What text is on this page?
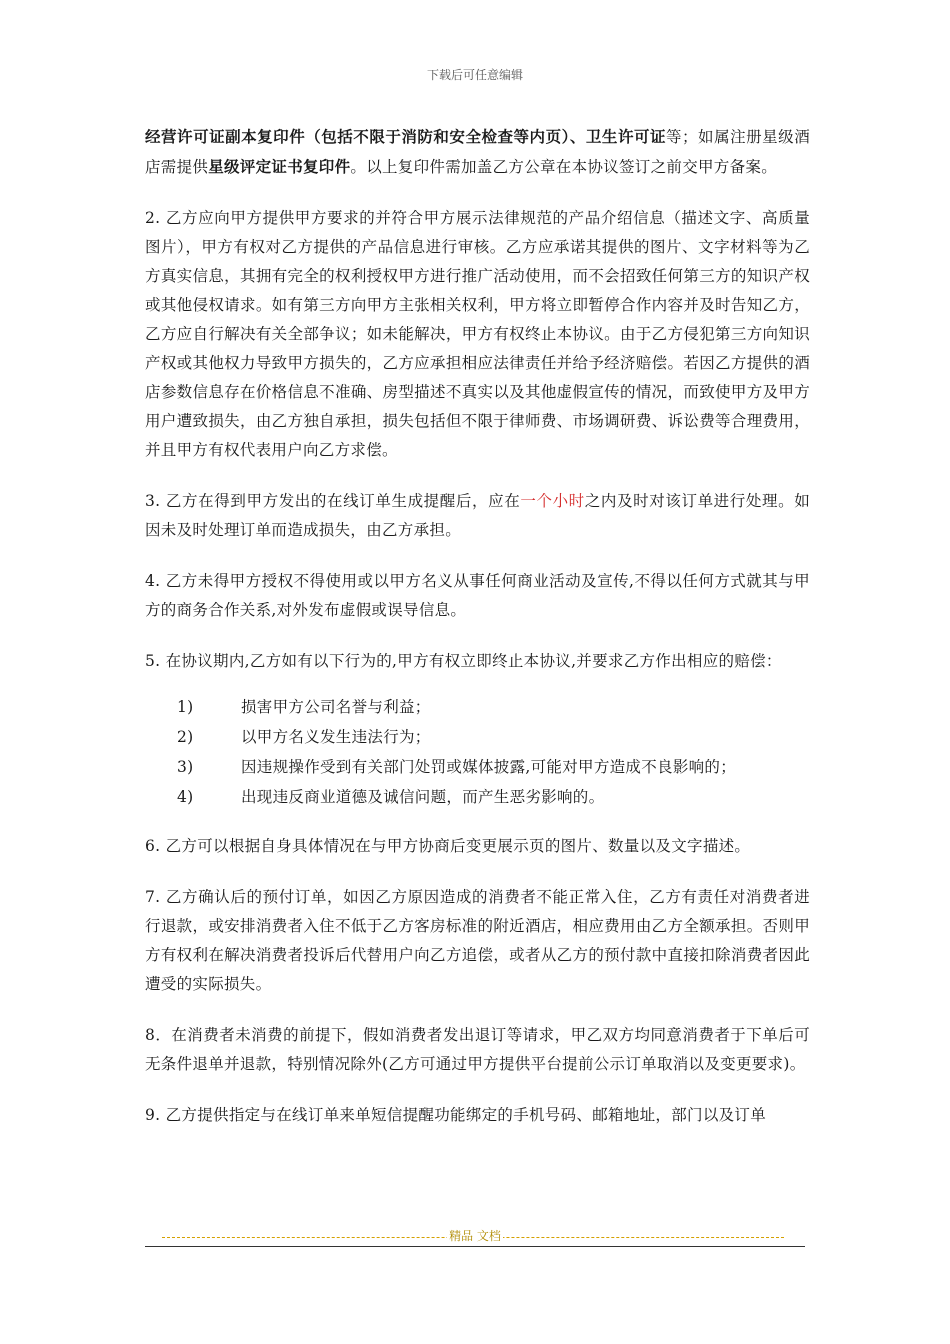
下载后可任意编辑

经营许可证副本复印件（包括不限于消防和安全检查等内页）、卫生许可证等；如属注册星级酒店需提供星级评定证书复印件。以上复印件需加盖乙方公章在本协议签订之前交甲方备案。

2. 乙方应向甲方提供甲方要求的并符合甲方展示法律规范的产品介绍信息（描述文字、高质量图片），甲方有权对乙方提供的产品信息进行审核。乙方应承诺其提供的图片、文字材料等为乙方真实信息，其拥有完全的权利授权甲方进行推广活动使用，而不会招致任何第三方的知识产权或其他侵权请求。如有第三方向甲方主张相关权利，甲方将立即暂停合作内容并及时告知乙方，乙方应自行解决有关全部争议；如未能解决，甲方有权终止本协议。由于乙方侵犯第三方向知识产权或其他权力导致甲方损失的，乙方应承担相应法律责任并给予经济赔偿。若因乙方提供的酒店参数信息存在价格信息不准确、房型描述不真实以及其他虚假宣传的情况，而致使甲方及甲方用户遭致损失，由乙方独自承担，损失包括但不限于律师费、市场调研费、诉讼费等合理费用，并且甲方有权代表用户向乙方求偿。

3. 乙方在得到甲方发出的在线订单生成提醒后，应在一个小时之内及时对该订单进行处理。如因未及时处理订单而造成损失，由乙方承担。

4. 乙方未得甲方授权不得使用或以甲方名义从事任何商业活动及宣传,不得以任何方式就其与甲方的商务合作关系,对外发布虚假或误导信息。

5. 在协议期内,乙方如有以下行为的,甲方有权立即终止本协议,并要求乙方作出相应的赔偿：

1)	损害甲方公司名誉与利益；
2)	以甲方名义发生违法行为；
3)	因违规操作受到有关部门处罚或媒体披露,可能对甲方造成不良影响的；
4)	出现违反商业道德及诚信问题，而产生恶劣影响的。

6. 乙方可以根据自身具体情况在与甲方协商后变更展示页的图片、数量以及文字描述。

7. 乙方确认后的预付订单，如因乙方原因造成的消费者不能正常入住，乙方有责任对消费者进行退款，或安排消费者入住不低于乙方客房标准的附近酒店，相应费用由乙方全额承担。否则甲方有权利在解决消费者投诉后代替用户向乙方追偿，或者从乙方的预付款中直接扣除消费者因此遭受的实际损失。

8．在消费者未消费的前提下，假如消费者发出退订等请求，甲乙双方均同意消费者于下单后可无条件退单并退款，特别情况除外(乙方可通过甲方提供平台提前公示订单取消以及变更要求)。

9. 乙方提供指定与在线订单来单短信提醒功能绑定的手机号码、邮箱地址，部门以及订单

精品 文档
